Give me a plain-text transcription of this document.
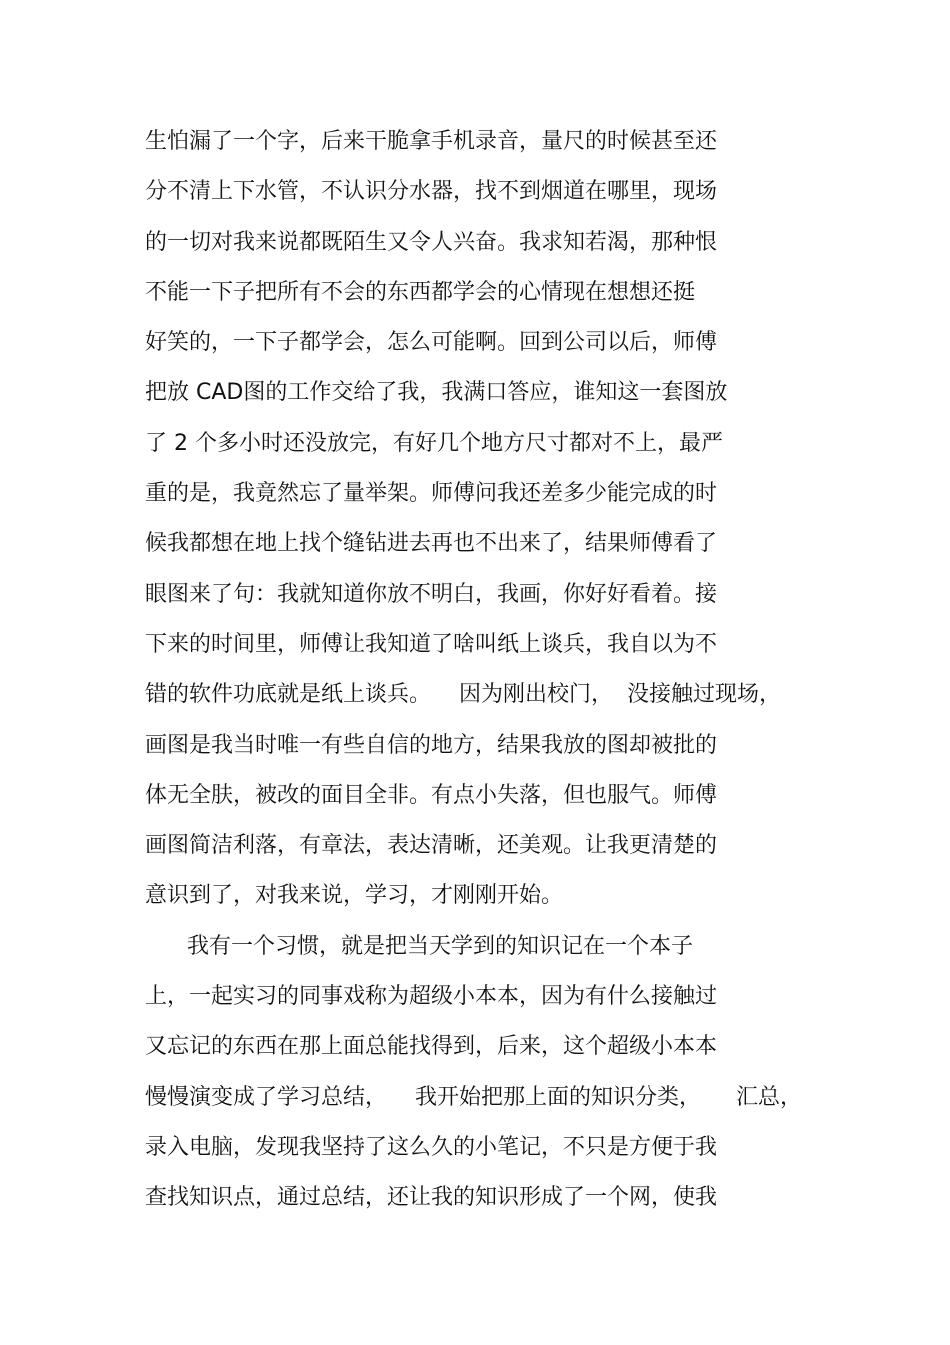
生怕漏了一个字，后来干脆拿手机录音，量尺的时候甚至还
分不清上下水管，不认识分水器，找不到烟道在哪里，现场
的一切对我来说都既陌生又令人兴奋。我求知若渴，那种恨
不能一下子把所有不会的东西都学会的心情现在想想还挺
好笑的，一下子都学会，怎么可能啊。回到公司以后，师傅
把放 CAD图的工作交给了我，我满口答应，谁知这一套图放
了 2 个多小时还没放完，有好几个地方尺寸都对不上，最严
重的是，我竟然忘了量举架。师傅问我还差多少能完成的时
候我都想在地上找个缝钻进去再也不出来了，结果师傅看了
眼图来了句：我就知道你放不明白，我画，你好好看着。接
下来的时间里，师傅让我知道了啥叫纸上谈兵，我自以为不
错的软件功底就是纸上谈兵。    因为刚出校门，  没接触过现场，
画图是我当时唯一有些自信的地方，结果我放的图却被批的
体无全肤，被改的面目全非。有点小失落，但也服气。师傅
画图简洁利落，有章法，表达清晰，还美观。让我更清楚的
意识到了，对我来说，学习，才刚刚开始。
我有一个习惯，就是把当天学到的知识记在一个本子
上，一起实习的同事戏称为超级小本本，因为有什么接触过
又忘记的东西在那上面总能找得到，后来，这个超级小本本
慢慢演变成了学习总结，    我开始把那上面的知识分类，     汇总，
录入电脑，发现我坚持了这么久的小笔记，不只是方便于我
查找知识点，通过总结，还让我的知识形成了一个网，使我
